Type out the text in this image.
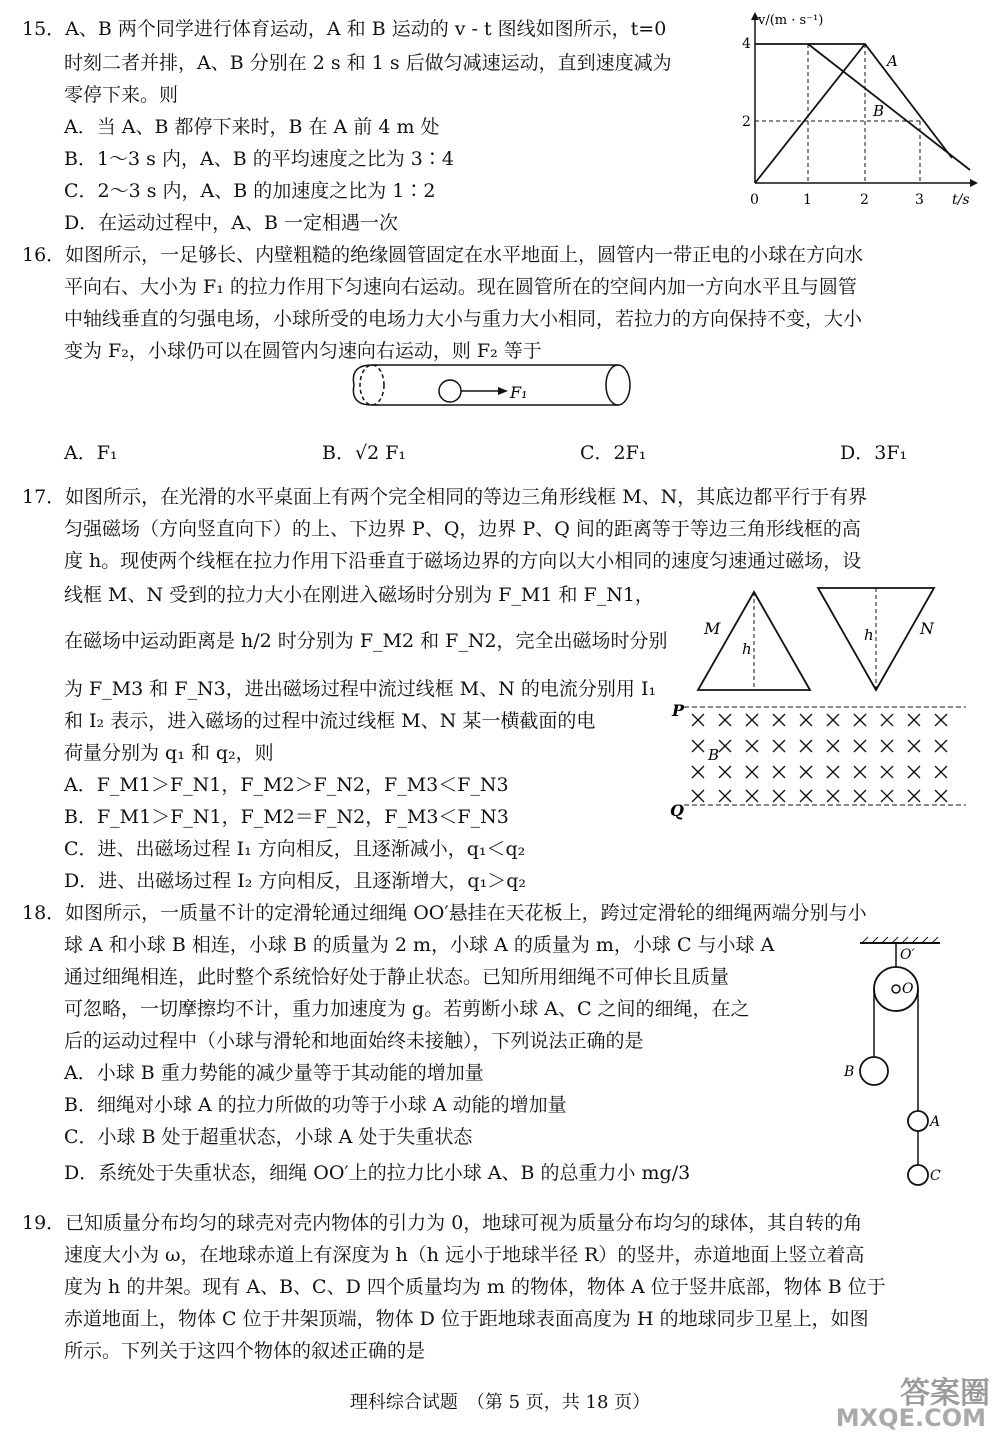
15．A、B 两个同学进行体育运动，A 和 B 运动的 v - t 图线如图所示，t=0
时刻二者并排，A、B 分别在 2 s 和 1 s 后做匀减速运动，直到速度减为
零停下来。则
A．当 A、B 都停下来时，B 在 A 前 4 m 处
B．1～3 s 内，A、B 的平均速度之比为 3∶4
C．2～3 s 内，A、B 的加速度之比为 1∶2
D．在运动过程中，A、B 一定相遇一次
v/(m · s⁻¹)
t/s
A
B
4
2
0	1	2	3
16．如图所示，一足够长、内壁粗糙的绝缘圆管固定在水平地面上，圆管内一带正电的小球在方向水
平向右、大小为 F₁ 的拉力作用下匀速向右运动。现在圆管所在的空间内加一方向水平且与圆管
中轴线垂直的匀强电场，小球所受的电场力大小与重力大小相同，若拉力的方向保持不变，大小
变为 F₂，小球仍可以在圆管内匀速向右运动，则 F₂ 等于
F₁
A．F₁	B．√2 F₁	C．2F₁	D．3F₁
17．如图所示，在光滑的水平桌面上有两个完全相同的等边三角形线框 M、N，其底边都平行于有界
匀强磁场（方向竖直向下）的上、下边界 P、Q，边界 P、Q 间的距离等于等边三角形线框的高
度 h。现使两个线框在拉力作用下沿垂直于磁场边界的方向以大小相同的速度匀速通过磁场，设
线框 M、N 受到的拉力大小在刚进入磁场时分别为 F_M1 和 F_N1，
在磁场中运动距离是 h/2 时分别为 F_M2 和 F_N2，完全出磁场时分别
为 F_M3 和 F_N3，进出磁场过程中流过线框 M、N 的电流分别用 I₁
和 I₂ 表示，进入磁场的过程中流过线框 M、N 某一横截面的电
荷量分别为 q₁ 和 q₂，则
A．F_M1＞F_N1，F_M2＞F_N2，F_M3＜F_N3
B．F_M1＞F_N1，F_M2＝F_N2，F_M3＜F_N3
C．进、出磁场过程 I₁ 方向相反，且逐渐减小，q₁＜q₂
D．进、出磁场过程 I₂ 方向相反，且逐渐增大，q₁＞q₂
M
h
N
h
P
Q
B
18．如图所示，一质量不计的定滑轮通过细绳 OO′悬挂在天花板上，跨过定滑轮的细绳两端分别与小
球 A 和小球 B 相连，小球 B 的质量为 2 m，小球 A 的质量为 m，小球 C 与小球 A
通过细绳相连，此时整个系统恰好处于静止状态。已知所用细绳不可伸长且质量
可忽略，一切摩擦均不计，重力加速度为 g。若剪断小球 A、C 之间的细绳，在之
后的运动过程中（小球与滑轮和地面始终未接触），下列说法正确的是
A．小球 B 重力势能的减少量等于其动能的增加量
B．细绳对小球 A 的拉力所做的功等于小球 A 动能的增加量
C．小球 B 处于超重状态，小球 A 处于失重状态
D．系统处于失重状态，细绳 OO′上的拉力比小球 A、B 的总重力小 mg/3
O′
O
B
A
C
19．已知质量分布均匀的球壳对壳内物体的引力为 0，地球可视为质量分布均匀的球体，其自转的角
速度大小为 ω，在地球赤道上有深度为 h（h 远小于地球半径 R）的竖井，赤道地面上竖立着高
度为 h 的井架。现有 A、B、C、D 四个质量均为 m 的物体，物体 A 位于竖井底部，物体 B 位于
赤道地面上，物体 C 位于井架顶端，物体 D 位于距地球表面高度为 H 的地球同步卫星上，如图
所示。下列关于这四个物体的叙述正确的是
理科综合试题　（第 5 页，共 18 页）	答案圈
MXQE.COM
